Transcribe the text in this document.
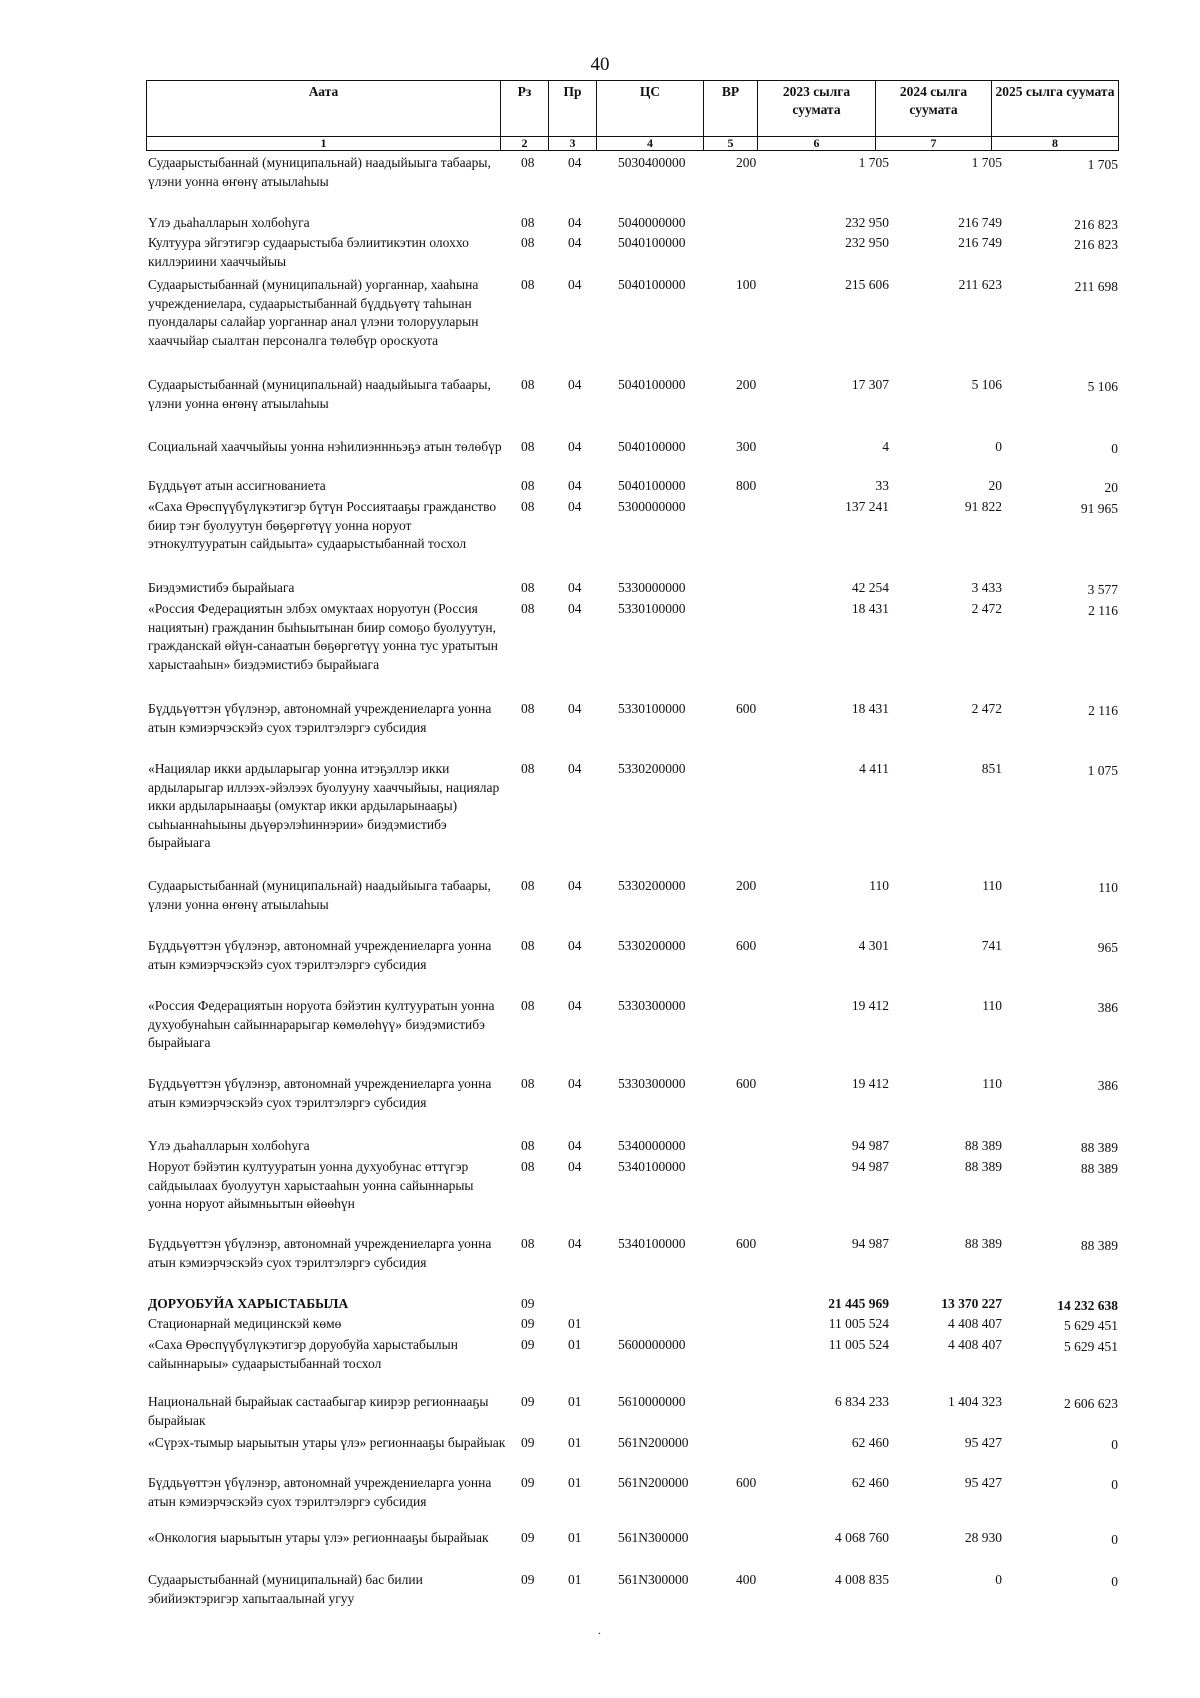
40
Аата	Рз	Пр	ЦС	ВР	2023 сылга суумата	2024 сылга суумата	2025 сылга суумата
1	2	3	4	5	6	7	8
Судаарыстыбаннай (муниципальнай) наадыйыыга табаары, үлэни уонна өҥөнү атыылаһыы
08 04	5030400000	200	1 705	1 705	1 705
Үлэ дьаһалларын холбоһуга	08 04	5040000000	232 950	216 749	216 823
Култуура эйгэтигэр судаарыстыба бэлиитикэтин олоххо киллэриини хааччыйыы
08 04	5040100000	232 950	216 749	216 823
Судаарыстыбаннай (муниципальнай) уорганнар, хааһына учреждениелара, судаарыстыбаннай бүддьүөтү таһынан пуондалары салайар уорганнар анал үлэни толорууларын хааччыйар сыалтан персоналга төлөбүр ороскуота
08 04	5040100000	100	215 606	211 623	211 698
Судаарыстыбаннай (муниципальнай) наадыйыыга табаары, үлэни уонна өҥөнү атыылаһыы
08 04	5040100000	200	17 307	5 106	5 106
Социальнай хааччыйыы уонна нэһилиэннньэҕэ атын төлөбүр	08 04	5040100000	300	4	0	0
Бүддьүөт атын ассигнованиета	08 04	5040100000	800	33	20	20
«Саха Өрөспүүбүлүкэтигэр бүтүн Россиятааҕы гражданство биир тэҥ буолуутун бөҕөргөтүү уонна норуот этнокултууратын сайдыыта» судаарыстыбаннай тосхол
08 04	5300000000	137 241	91 822	91 965
Биэдэмистибэ бырайыага	08 04	5330000000	42 254	3 433	3 577
«Россия Федерациятын элбэх омуктаах норуотун (Россия нациятын) гражданин быһыытынан биир сомоҕо буолуутун, гражданскай өйүн-санаатын бөҕөргөтүү уонна тус уратытын харыстааһын» биэдэмистибэ бырайыага
08 04	5330100000	18 431	2 472	2 116
Бүддьүөттэн үбүлэнэр, автономнай учреждениеларга уонна атын кэмиэрчэскэйэ суох тэрилтэлэргэ субсидия
08 04	5330100000	600	18 431	2 472	2 116
«Нациялар икки ардыларыгар уонна итэҕэллэр икки ардыларыгар иллээх-эйэлээх буолууну хааччыйыы, нациялар икки ардыларынааҕы (омуктар икки ардыларынааҕы) сыһыаннаһыыны дьүөрэлэһиннэрии» биэдэмистибэ бырайыага
08 04	5330200000	4 411	851	1 075
Судаарыстыбаннай (муниципальнай) наадыйыыга табаары, үлэни уонна өҥөнү атыылаһыы
08 04	5330200000	200	110	110	110
Бүддьүөттэн үбүлэнэр, автономнай учреждениеларга уонна атын кэмиэрчэскэйэ суох тэрилтэлэргэ субсидия
08 04	5330200000	600	4 301	741	965
«Россия Федерациятын норуота бэйэтин култууратын уонна духуобунаһын сайыннарарыгар көмөлөһүү» биэдэмистибэ бырайыага
08 04	5330300000	19 412	110	386
Бүддьүөттэн үбүлэнэр, автономнай учреждениеларга уонна атын кэмиэрчэскэйэ суох тэрилтэлэргэ субсидия
08 04	5330300000	600	19 412	110	386
Үлэ дьаһалларын холбоһуга	08 04	5340000000	94 987	88 389	88 389
Норуот бэйэтин култууратын уонна духуобунас өттүгэр сайдыылаах буолуутун харыстааһын уонна сайыннарыы уонна норуот айымньытын өйөөһүн
08 04	5340100000	94 987	88 389	88 389
Бүддьүөттэн үбүлэнэр, автономнай учреждениеларга уонна атын кэмиэрчэскэйэ суох тэрилтэлэргэ субсидия
08 04	5340100000	600	94 987	88 389	88 389
ДОРУОБУЙА ХАРЫСТАБЫЛА	09	21 445 969	13 370 227	14 232 638
Стационарнай медицинскэй көмө	09 01	11 005 524	4 408 407	5 629 451
«Саха Өрөспүүбүлүкэтигэр доруобуйа харыстабылын сайыннарыы» судаарыстыбаннай тосхол
09 01	5600000000	11 005 524	4 408 407	5 629 451
Национальнай бырайыак састаабыгар киирэр регионнааҕы бырайыак
09 01	5610000000	6 834 233	1 404 323	2 606 623
«Сүрэх-тымыр ыарыытын утары үлэ» регионнааҕы бырайыак 09 01	561N200000	62 460	95 427	0
Бүддьүөттэн үбүлэнэр, автономнай учреждениеларга уонна атын кэмиэрчэскэйэ суох тэрилтэлэргэ субсидия
09 01	561N200000	600	62 460	95 427	0
«Онкология ыарыытын утары үлэ» регионнааҕы бырайыак	09 01	561N300000	4 068 760	28 930	0
Судаарыстыбаннай (муниципальнай) бас билии эбийиэктэригэр хапытаалынай угуу
09 01	561N300000	400	4 008 835	0	0
.
